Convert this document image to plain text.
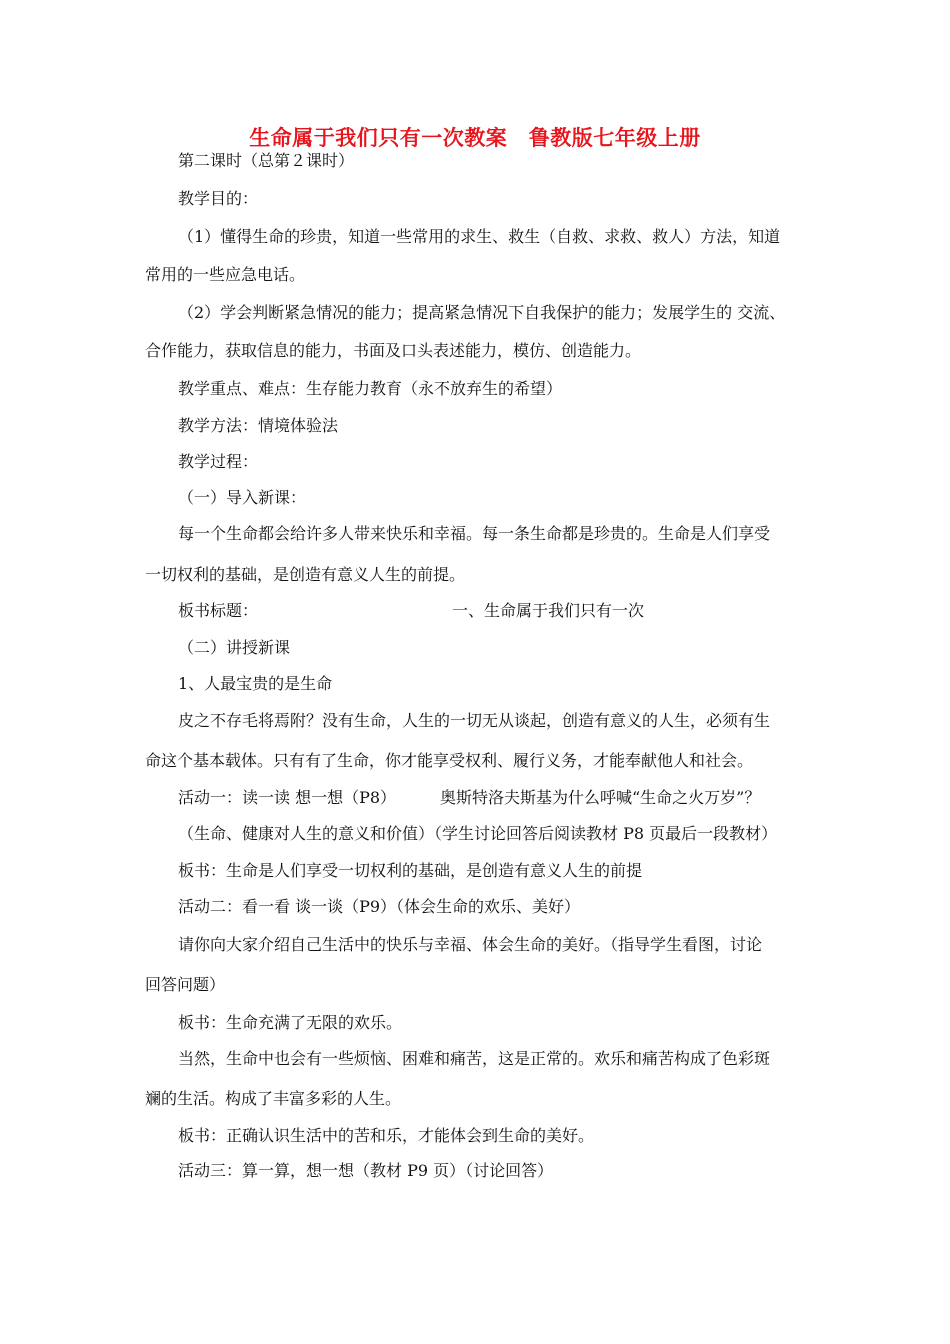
生命属于我们只有一次教案　鲁教版七年级上册
第二课时（总第２课时）
教学目的：
（1）懂得生命的珍贵，知道一些常用的求生、救生（自救、求救、救人）方法，知道
常用的一些应急电话。
（2）学会判断紧急情况的能力；提高紧急情况下自我保护的能力；发展学生的 交流、
合作能力，获取信息的能力，书面及口头表述能力，模仿、创造能力。
教学重点、难点：生存能力教育（永不放弃生的希望）
教学方法：情境体验法
教学过程：
（一）导入新课：
每一个生命都会给许多人带来快乐和幸福。每一条生命都是珍贵的。生命是人们享受
一切权利的基础，是创造有意义人生的前提。
板书标题：	一、生命属于我们只有一次
（二）讲授新课
1、人最宝贵的是生命
皮之不存毛将焉附？没有生命，人生的一切无从谈起，创造有意义的人生，必须有生
命这个基本载体。只有有了生命，你才能享受权利、履行义务，才能奉献他人和社会。
活动一：读一读 想一想（P8）	奥斯特洛夫斯基为什么呼喊“生命之火万岁”？
（生命、健康对人生的意义和价值）（学生讨论回答后阅读教材 P8 页最后一段教材）
板书：生命是人们享受一切权利的基础，是创造有意义人生的前提
活动二：看一看 谈一谈（P9）（体会生命的欢乐、美好）
请你向大家介绍自己生活中的快乐与幸福、体会生命的美好。（指导学生看图，讨论
回答问题）
板书：生命充满了无限的欢乐。
当然，生命中也会有一些烦恼、困难和痛苦，这是正常的。欢乐和痛苦构成了色彩斑
斓的生活。构成了丰富多彩的人生。
板书：正确认识生活中的苦和乐，才能体会到生命的美好。
活动三：算一算，想一想（教材 P9 页）（讨论回答）
